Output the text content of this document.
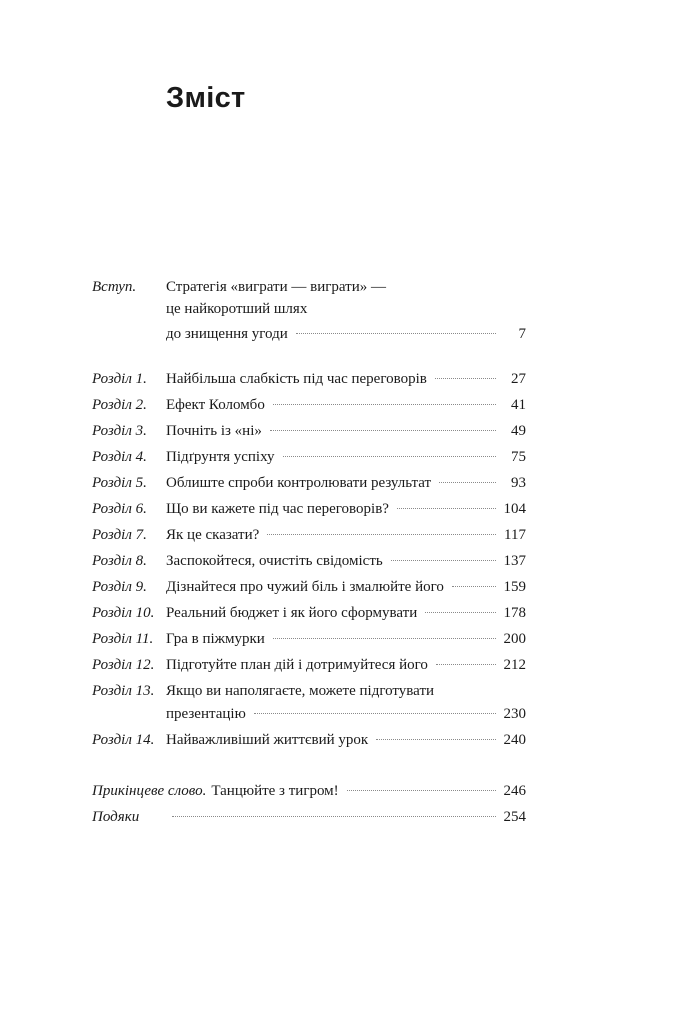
Зміст
Вступ. Стратегія «виграти — виграти» —
це найкоротший шлях
до знищення угоди	7
Розділ 1. Найбільша слабкість під час переговорів	27
Розділ 2. Ефект Коломбо	41
Розділ 3. Почніть із «ні»	49
Розділ 4. Підґрунтя успіху	75
Розділ 5. Облиште спроби контролювати результат	93
Розділ 6. Що ви кажете під час переговорів?	104
Розділ 7. Як це сказати?	117
Розділ 8. Заспокойтеся, очистіть свідомість	137
Розділ 9. Дізнайтеся про чужий біль і змалюйте його	159
Розділ 10. Реальний бюджет і як його сформувати	178
Розділ 11. Гра в піжмурки	200
Розділ 12. Підготуйте план дій і дотримуйтеся його	212
Розділ 13. Якщо ви наполягаєте, можете підготувати
презентацію	230
Розділ 14. Найважливіший життєвий урок	240
Прикінцеве слово. Танцюйте з тигром!	246
Подяки	254
